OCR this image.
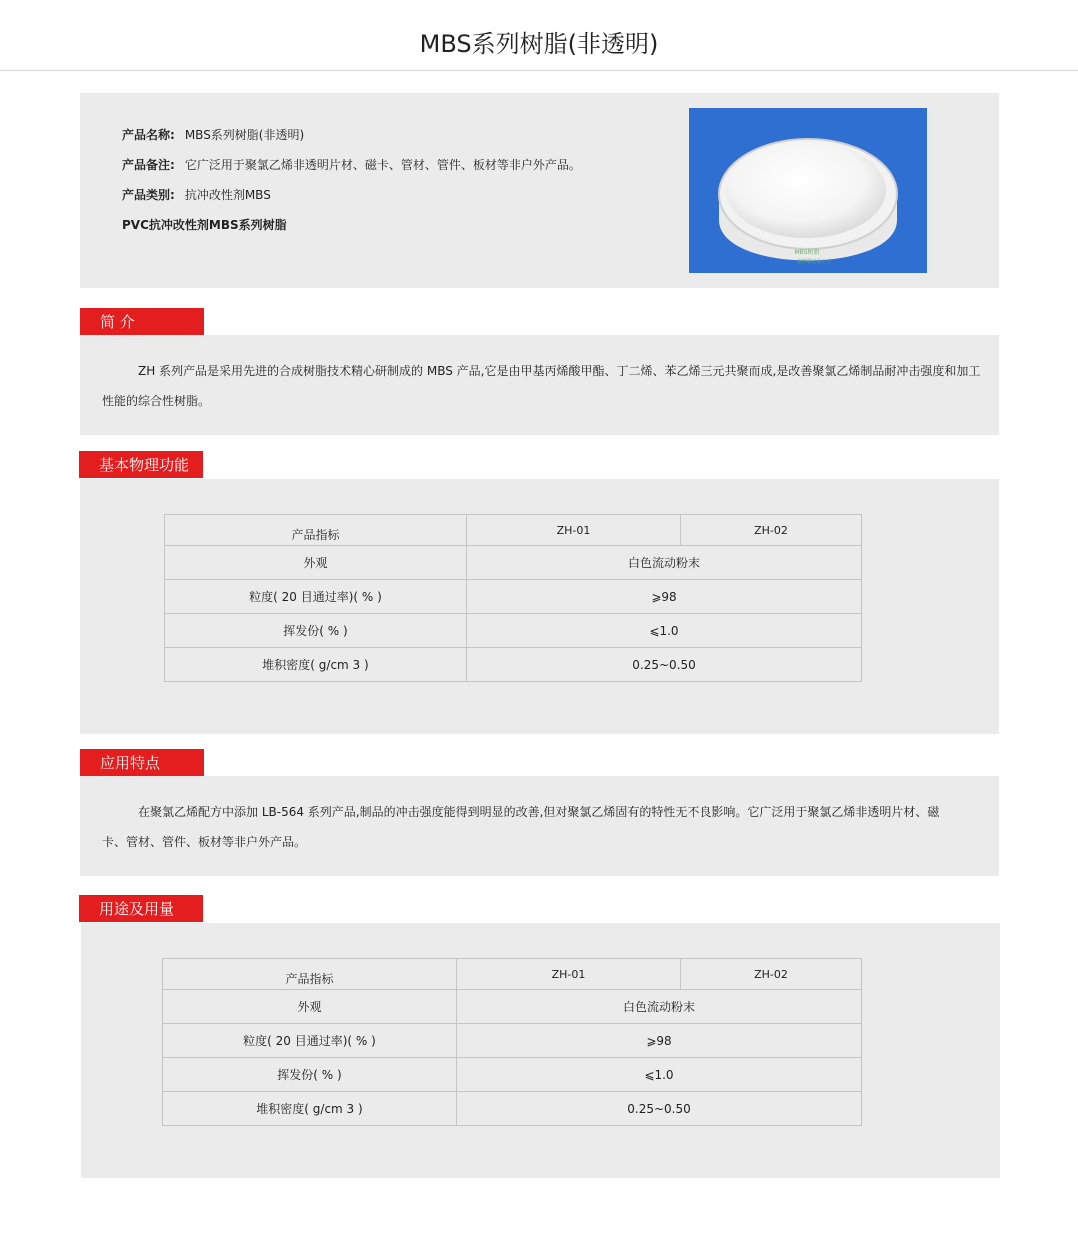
MBS系列树脂(非透明)
产品名称: MBS系列树脂(非透明)
产品备注: 它广泛用于聚氯乙烯非透明片材、磁卡、管材、管件、板材等非户外产品。
产品类别: 抗冲改性剂MBS
PVC抗冲改性剂MBS系列树脂
MBS树脂
淄博联冠高分子
简 介
ZH 系列产品是采用先进的合成树脂技术精心研制成的 MBS 产品,它是由甲基丙烯酸甲酯、丁二烯、苯乙烯三元共聚而成,是改善聚氯乙烯制品耐冲击强度和加工性能的综合性树脂。
基本物理功能
产品指标	ZH-01	ZH-02
外观	白色流动粉末	
粒度( 20 目通过率)( % )	⩾98	
挥发份( % )	⩽1.0	
堆积密度( g/cm 3 )	0.25~0.50	
应用特点
在聚氯乙烯配方中添加 LB-564 系列产品,制品的冲击强度能得到明显的改善,但对聚氯乙烯固有的特性无不良影响。它广泛用于聚氯乙烯非透明片材、磁卡、管材、管件、板材等非户外产品。
用途及用量
产品指标	ZH-01	ZH-02
外观	白色流动粉末	
粒度( 20 目通过率)( % )	⩾98	
挥发份( % )	⩽1.0	
堆积密度( g/cm 3 )	0.25~0.50	
